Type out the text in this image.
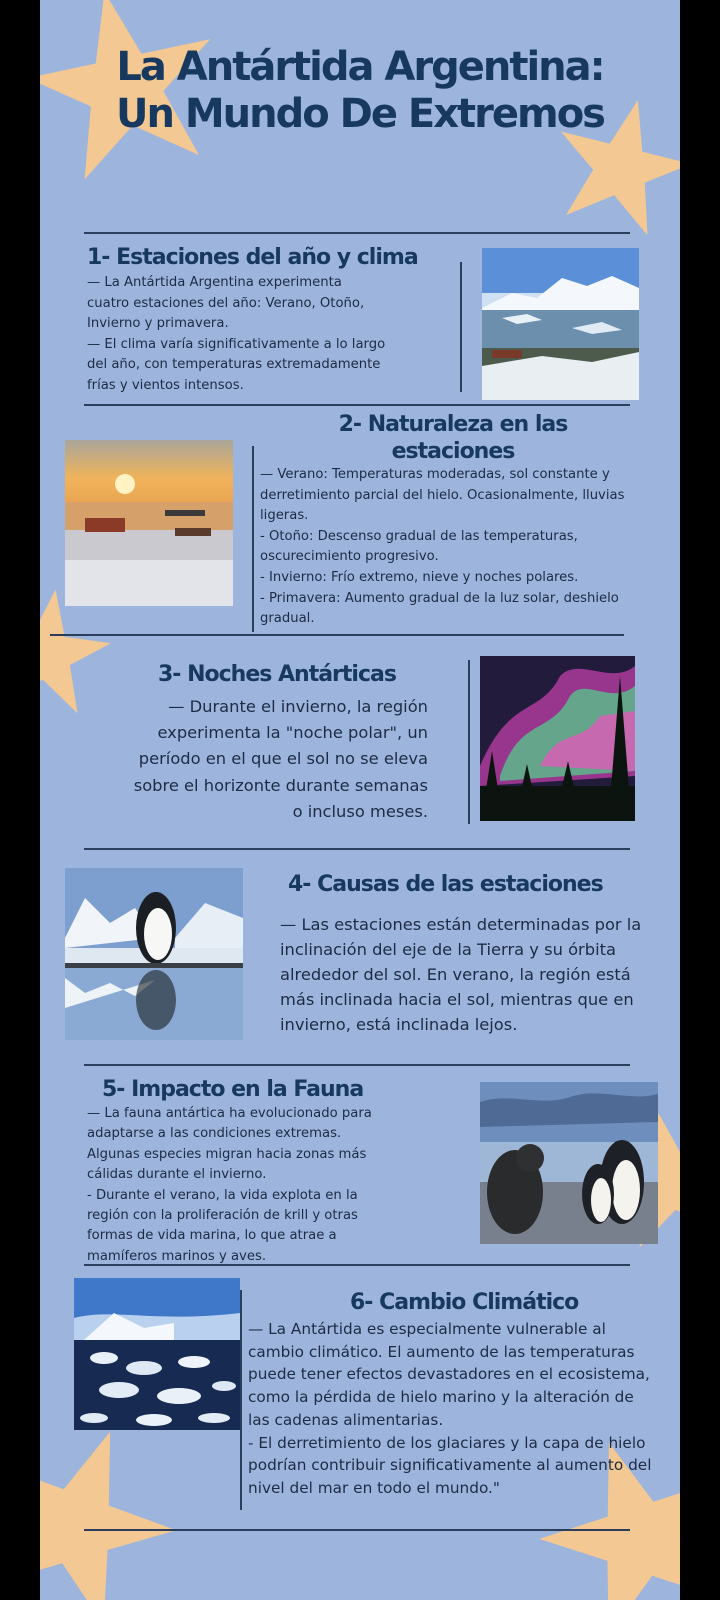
La Antártida Argentina: Un Mundo De Extremos
1- Estaciones del año y clima

— La Antártida Argentina experimenta cuatro estaciones del año: Verano, Otoño, Invierno y primavera.
— El clima varía significativamente a lo largo del año, con temperaturas extremadamente frías y vientos intensos.

2- Naturaleza en las estaciones

— Verano: Temperaturas moderadas, sol constante y derretimiento parcial del hielo. Ocasionalmente, lluvias ligeras.
- Otoño: Descenso gradual de las temperaturas, oscurecimiento progresivo.
- Invierno: Frío extremo, nieve y noches polares.
- Primavera: Aumento gradual de la luz solar, deshielo gradual.

3- Noches Antárticas

— Durante el invierno, la región experimenta la "noche polar", un período en el que el sol no se eleva sobre el horizonte durante semanas o incluso meses.

4- Causas de las estaciones

— Las estaciones están determinadas por la inclinación del eje de la Tierra y su órbita alrededor del sol. En verano, la región está más inclinada hacia el sol, mientras que en invierno, está inclinada lejos.

5- Impacto en la Fauna

— La fauna antártica ha evolucionado para adaptarse a las condiciones extremas. Algunas especies migran hacia zonas más cálidas durante el invierno.
- Durante el verano, la vida explota en la región con la proliferación de krill y otras formas de vida marina, lo que atrae a mamíferos marinos y aves.

6- Cambio Climático

— La Antártida es especialmente vulnerable al cambio climático. El aumento de las temperaturas puede tener efectos devastadores en el ecosistema, como la pérdida de hielo marino y la alteración de las cadenas alimentarias.
- El derretimiento de los glaciares y la capa de hielo podrían contribuir significativamente al aumento del nivel del mar en todo el mundo."
